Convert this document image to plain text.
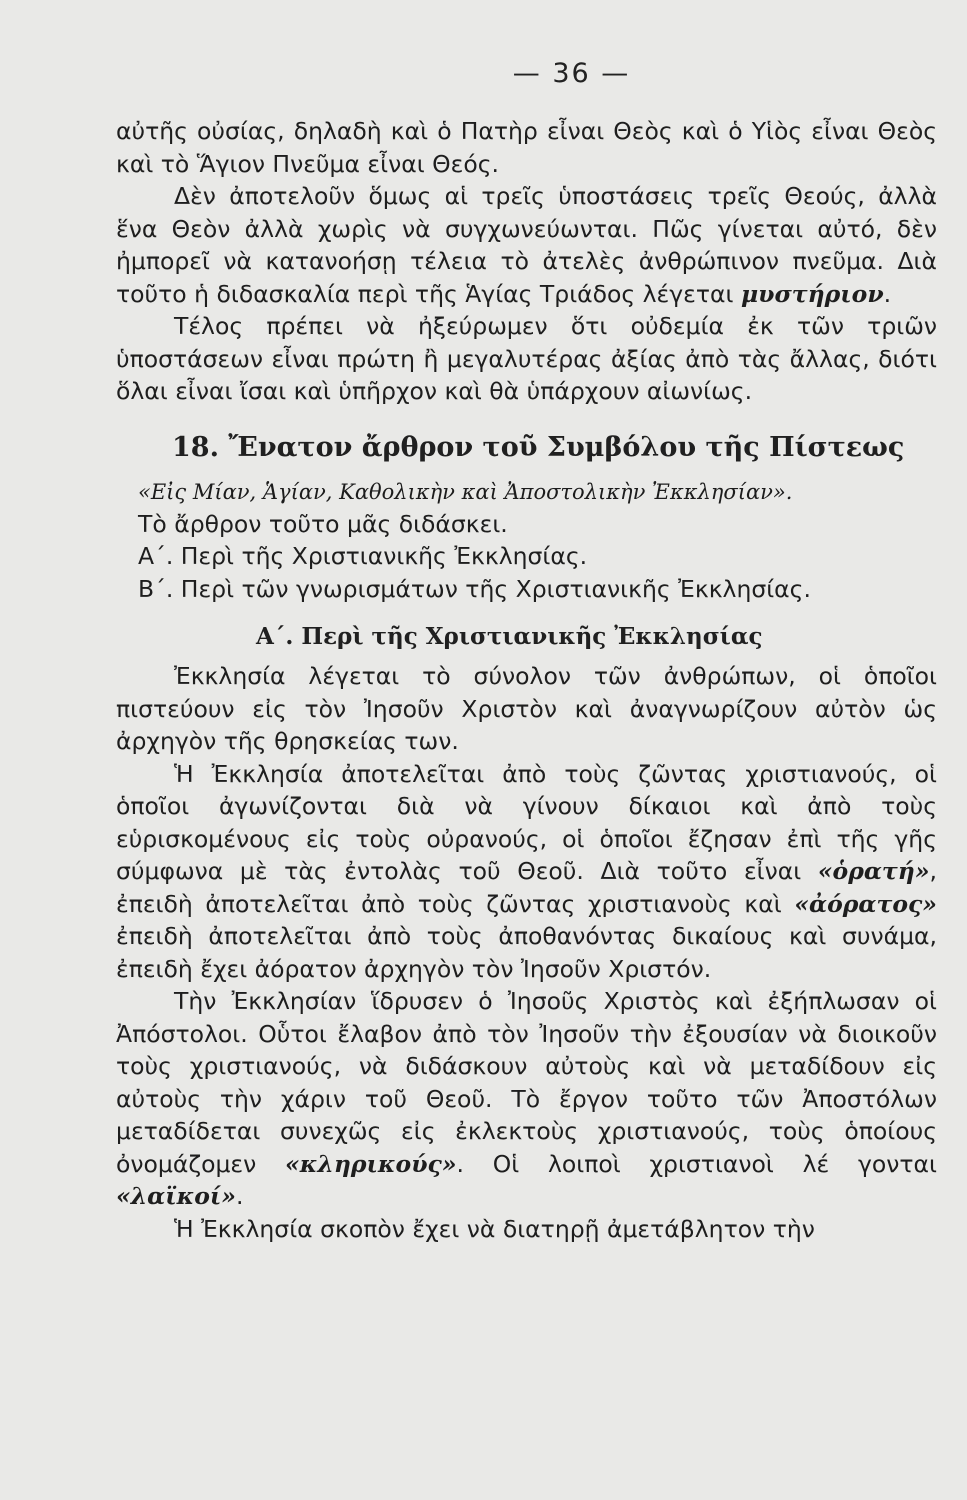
— 36 —

αὐτῆς οὐσίας, δηλαδὴ καὶ ὁ Πατὴρ εἶναι Θεὸς καὶ ὁ Υἱὸς εἶναι Θεὸς καὶ τὸ Ἅγιον Πνεῦμα εἶναι Θεός.

Δὲν ἀποτελοῦν ὅμως αἱ τρεῖς ὑποστάσεις τρεῖς Θεούς, ἀλλὰ ἕνα Θεὸν ἀλλὰ χωρὶς νὰ συγχωνεύωνται. Πῶς γίνεται αὐτό, δὲν ἠμπορεῖ νὰ κατανοήσῃ τέλεια τὸ ἀτελὲς ἀνθρώπινον πνεῦμα. Διὰ τοῦτο ἡ διδασκαλία περὶ τῆς Ἁγίας Τριάδος λέγεται μυστήριον.

Τέλος πρέπει νὰ ἠξεύρωμεν ὅτι οὐδεμία ἐκ τῶν τριῶν ὑποστάσεων εἶναι πρώτη ἢ μεγαλυτέρας ἀξίας ἀπὸ τὰς ἄλλας, διότι ὅλαι εἶναι ἴσαι καὶ ὑπῆρχον καὶ θὰ ὑπάρχουν αἰωνίως.

18. Ἔνατον ἄρθρον τοῦ Συμβόλου τῆς Πίστεως
«Εἰς Μίαν, Ἁγίαν, Καθολικὴν καὶ Ἀποστολικὴν Ἐκκλησίαν».

Τὸ ἄρθρον τοῦτο μᾶς διδάσκει.

Α΄. Περὶ τῆς Χριστιανικῆς Ἐκκλησίας.

Β΄. Περὶ τῶν γνωρισμάτων τῆς Χριστιανικῆς Ἐκκλησίας.

Α΄. Περὶ τῆς Χριστιανικῆς Ἐκκλησίας

Ἐκκλησία λέγεται τὸ σύνολον τῶν ἀνθρώπων, οἱ ὁποῖοι πιστεύουν εἰς τὸν Ἰησοῦν Χριστὸν καὶ ἀναγνωρίζουν αὐτὸν ὡς ἀρχηγὸν τῆς θρησκείας των.

Ἡ Ἐκκλησία ἀποτελεῖται ἀπὸ τοὺς ζῶντας χριστιανούς, οἱ ὁποῖοι ἀγωνίζονται διὰ νὰ γίνουν δίκαιοι καὶ ἀπὸ τοὺς εὑρισκομένους εἰς τοὺς οὐρανούς, οἱ ὁποῖοι ἔζησαν ἐπὶ τῆς γῆς σύμφωνα μὲ τὰς ἐντολὰς τοῦ Θεοῦ. Διὰ τοῦτο εἶναι «ὁρατή», ἐπειδὴ ἀποτελεῖται ἀπὸ τοὺς ζῶντας χριστιανοὺς καὶ «ἀόρατος» ἐπειδὴ ἀποτελεῖται ἀπὸ τοὺς ἀποθανόντας δικαίους καὶ συνάμα, ἐπειδὴ ἔχει ἀόρατον ἀρχηγὸν τὸν Ἰησοῦν Χριστόν.

Τὴν Ἐκκλησίαν ἵδρυσεν ὁ Ἰησοῦς Χριστὸς καὶ ἐξήπλωσαν οἱ Ἀπόστολοι. Οὗτοι ἔλαβον ἀπὸ τὸν Ἰησοῦν τὴν ἐξουσίαν νὰ διοικοῦν τοὺς χριστιανούς, νὰ διδάσκουν αὐτοὺς καὶ νὰ μεταδίδουν εἰς αὐτοὺς τὴν χάριν τοῦ Θεοῦ. Τὸ ἔργον τοῦτο τῶν Ἀποστόλων μεταδίδεται συνεχῶς εἰς ἐκλεκτοὺς χριστιανούς, τοὺς ὁποίους ὀνομάζομεν «κληρικούς». Οἱ λοιποὶ χριστιανοὶ λέ γονται «λαϊκοί».

Ἡ Ἐκκλησία σκοπὸν ἔχει νὰ διατηρῇ ἀμετάβλητον τὴν
